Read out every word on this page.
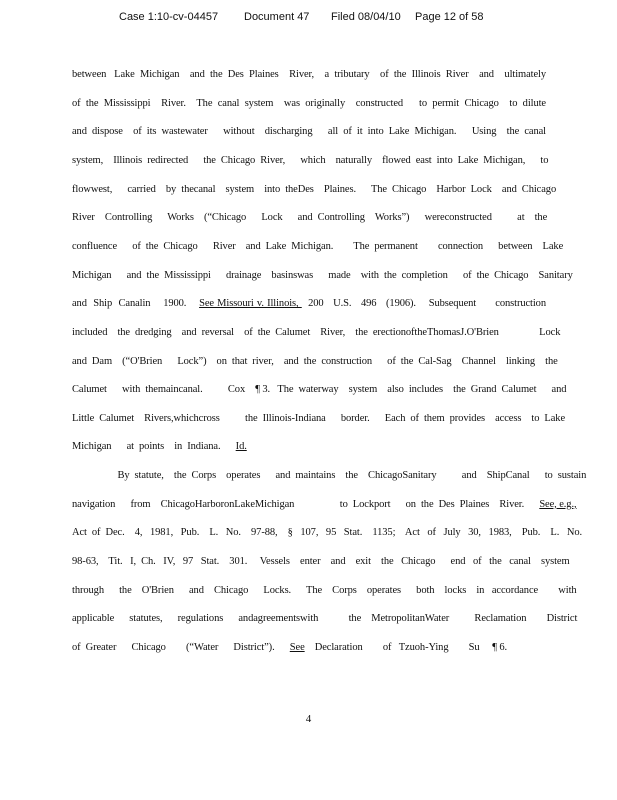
Case 1:10-cv-04457 Document 47 Filed 08/04/10 Page 12 of 58
between   Lake  Michigan    and  the  Des  Plaines    River,    a  tributary    of  the  Illinois  River    and    ultimately
of  the  Mississippi    River.    The  canal  system    was  originally    constructed      to  permit  Chicago    to  dilute
and  dispose    of  its  wastewater      without    discharging      all  of  it  into  Lake  Michigan.      Using    the  canal
system,    Illinois  redirected      the  Chicago  River,      which    naturally    flowed  east  into  Lake  Michigan,      to
flowwest,      carried    by  thecanal    system    into  theDes    Plaines.      The  Chicago    Harbor  Lock    and  Chicago
River    Controlling      Works    (“Chicago      Lock      and  Controlling    Works”)      wereconstructed          at    the
confluence      of  the  Chicago      River    and  Lake  Michigan.        The  permanent        connection      between    Lake
Michigan      and  the  Mississippi      drainage    basinswas      made    with  the  completion      of  the  Chicago    Sanitary
and  Ship  Canalin    1900.    See Missouri v. Illinois,   200   U.S.   496   (1906).    Subsequent      construction
included    the  dredging    and  reversal    of  the  Calumet    River,    the  erectionoftheThomasJ.O'Brien                Lock
and  Dam    (“O'Brien      Lock”)    on  that  river,    and  the  construction      of  the  Cal-Sag    Channel    linking    the
Calumet      with  themaincanal.          Cox    ¶ 3.   The  waterway    system    also  includes    the  Grand  Calumet      and
Little  Calumet    Rivers,whichcross          the  Illinois-Indiana      border.      Each  of  them  provides    access    to  Lake
Michigan      at  points    in  Indiana.      Id.
By  statute,    the  Corps    operates      and  maintains    the    ChicagoSanitary          and    ShipCanal      to  sustain
navigation      from    ChicagoHarboronLakeMichigan                  to  Lockport      on  the  Des  Plaines    River.      See, e.g.,
Act  of  Dec.    4,   1981,   Pub.    L.   No.    97-88,    §   107,   95   Stat.    1135;    Act   of   July   30,   1983,    Pub.    L.   No.
98-63,    Tit.   I,  Ch.   IV,   97   Stat.    301.     Vessels    enter    and    exit    the   Chicago      end   of   the   canal    system
through      the    O'Brien      and    Chicago      Locks.      The    Corps    operates      both    locks    in   accordance        with
applicable      statutes,      regulations      andagreementswith            the    MetropolitanWater          Reclamation        District
of  Greater      Chicago        (“Water      District”).      See    Declaration        of   Tzuoh-Ying        Su     ¶ 6.
4
